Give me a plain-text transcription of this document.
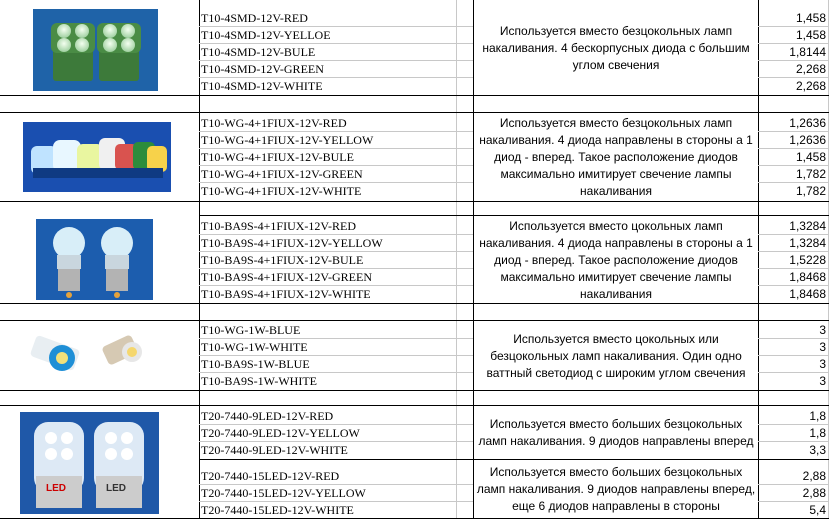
LED	LED
T10-4SMD-12V-RED
T10-4SMD-12V-YELLOE
T10-4SMD-12V-BULE
T10-4SMD-12V-GREEN
T10-4SMD-12V-WHITE
1,458
1,458
1,8144
2,268
2,268
Используется вместо безцокольных ламп накаливания. 4 бескорпусных диода с большим углом свечения
T10-WG-4+1FIUX-12V-RED
T10-WG-4+1FIUX-12V-YELLOW
T10-WG-4+1FIUX-12V-BULE
T10-WG-4+1FIUX-12V-GREEN
T10-WG-4+1FIUX-12V-WHITE
1,2636
1,2636
1,458
1,782
1,782
Используется вместо безцокольных ламп накаливания. 4 диода направлены в стороны а 1 диод - вперед. Такое расположение диодов максимально имитирует свечение лампы накаливания
T10-BA9S-4+1FIUX-12V-RED
T10-BA9S-4+1FIUX-12V-YELLOW
T10-BA9S-4+1FIUX-12V-BULE
T10-BA9S-4+1FIUX-12V-GREEN
T10-BA9S-4+1FIUX-12V-WHITE
1,3284
1,3284
1,5228
1,8468
1,8468
Используется вместо цокольных ламп накаливания. 4 диода направлены в стороны а 1 диод - вперед. Такое расположение диодов максимально имитирует свечение лампы накаливания
T10-WG-1W-BLUE
T10-WG-1W-WHITE
T10-BA9S-1W-BLUE
T10-BA9S-1W-WHITE
3
3
3
3
Используется вместо цокольных или безцокольных ламп накаливания. Один одно ваттный светодиод с широким углом свечения
T20-7440-9LED-12V-RED
T20-7440-9LED-12V-YELLOW
T20-7440-9LED-12V-WHITE
T20-7440-15LED-12V-RED
T20-7440-15LED-12V-YELLOW
T20-7440-15LED-12V-WHITE
1,8
1,8
3,3
2,88
2,88
5,4
Используется вместо больших безцокольных ламп накаливания. 9 диодов направлены вперед
Используется вместо больших безцокольных ламп накаливания. 9 диодов направлены вперед, еще 6 диодов направлены в стороны
